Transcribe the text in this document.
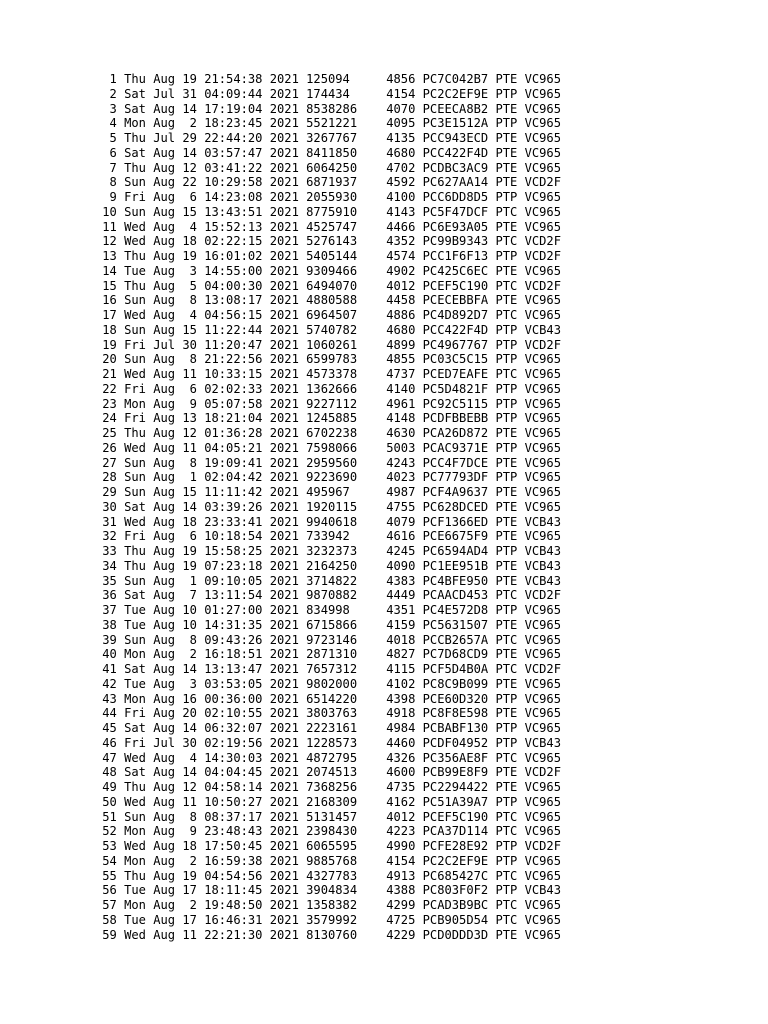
1 Thu Aug 19 21:54:38 2021 125094     4856 PC7C042B7 PTE VC965
2 Sat Jul 31 04:09:44 2021 174434     4154 PC2C2EF9E PTP VC965
3 Sat Aug 14 17:19:04 2021 8538286    4070 PCEECA8B2 PTE VC965
4 Mon Aug  2 18:23:45 2021 5521221    4095 PC3E1512A PTP VC965
5 Thu Jul 29 22:44:20 2021 3267767    4135 PCC943ECD PTE VC965
6 Sat Aug 14 03:57:47 2021 8411850    4680 PCC422F4D PTE VC965
7 Thu Aug 12 03:41:22 2021 6064250    4702 PCDBC3AC9 PTE VC965
8 Sun Aug 22 10:29:58 2021 6871937    4592 PC627AA14 PTE VCD2F
9 Fri Aug  6 14:23:08 2021 2055930    4100 PCC6DD8D5 PTP VC965
10 Sun Aug 15 13:43:51 2021 8775910    4143 PC5F47DCF PTC VC965
11 Wed Aug  4 15:52:13 2021 4525747    4466 PC6E93A05 PTE VC965
12 Wed Aug 18 02:22:15 2021 5276143    4352 PC99B9343 PTC VCD2F
13 Thu Aug 19 16:01:02 2021 5405144    4574 PCC1F6F13 PTP VCD2F
14 Tue Aug  3 14:55:00 2021 9309466    4902 PC425C6EC PTE VC965
15 Thu Aug  5 04:00:30 2021 6494070    4012 PCEF5C190 PTC VCD2F
16 Sun Aug  8 13:08:17 2021 4880588    4458 PCECEBBFA PTE VC965
17 Wed Aug  4 04:56:15 2021 6964507    4886 PC4D892D7 PTC VC965
18 Sun Aug 15 11:22:44 2021 5740782    4680 PCC422F4D PTP VCB43
19 Fri Jul 30 11:20:47 2021 1060261    4899 PC4967767 PTP VCD2F
20 Sun Aug  8 21:22:56 2021 6599783    4855 PC03C5C15 PTP VC965
21 Wed Aug 11 10:33:15 2021 4573378    4737 PCED7EAFE PTC VC965
22 Fri Aug  6 02:02:33 2021 1362666    4140 PC5D4821F PTP VC965
23 Mon Aug  9 05:07:58 2021 9227112    4961 PC92C5115 PTP VC965
24 Fri Aug 13 18:21:04 2021 1245885    4148 PCDFBBEBB PTP VC965
25 Thu Aug 12 01:36:28 2021 6702238    4630 PCA26D872 PTE VC965
26 Wed Aug 11 04:05:21 2021 7598066    5003 PCAC9371E PTP VC965
27 Sun Aug  8 19:09:41 2021 2959560    4243 PCC4F7DCE PTE VC965
28 Sun Aug  1 02:04:42 2021 9223690    4023 PC77793DF PTP VC965
29 Sun Aug 15 11:11:42 2021 495967     4987 PCF4A9637 PTE VC965
30 Sat Aug 14 03:39:26 2021 1920115    4755 PC628DCED PTE VC965
31 Wed Aug 18 23:33:41 2021 9940618    4079 PCF1366ED PTE VCB43
32 Fri Aug  6 10:18:54 2021 733942     4616 PCE6675F9 PTE VC965
33 Thu Aug 19 15:58:25 2021 3232373    4245 PC6594AD4 PTP VCB43
34 Thu Aug 19 07:23:18 2021 2164250    4090 PC1EE951B PTE VCB43
35 Sun Aug  1 09:10:05 2021 3714822    4383 PC4BFE950 PTE VCB43
36 Sat Aug  7 13:11:54 2021 9870882    4449 PCAACD453 PTC VCD2F
37 Tue Aug 10 01:27:00 2021 834998     4351 PC4E572D8 PTP VC965
38 Tue Aug 10 14:31:35 2021 6715866    4159 PC5631507 PTE VC965
39 Sun Aug  8 09:43:26 2021 9723146    4018 PCCB2657A PTC VC965
40 Mon Aug  2 16:18:51 2021 2871310    4827 PC7D68CD9 PTE VC965
41 Sat Aug 14 13:13:47 2021 7657312    4115 PCF5D4B0A PTC VCD2F
42 Tue Aug  3 03:53:05 2021 9802000    4102 PC8C9B099 PTE VC965
43 Mon Aug 16 00:36:00 2021 6514220    4398 PCE60D320 PTP VC965
44 Fri Aug 20 02:10:55 2021 3803763    4918 PC8F8E598 PTE VC965
45 Sat Aug 14 06:32:07 2021 2223161    4984 PCBABF130 PTP VC965
46 Fri Jul 30 02:19:56 2021 1228573    4460 PCDF04952 PTP VCB43
47 Wed Aug  4 14:30:03 2021 4872795    4326 PC356AE8F PTC VC965
48 Sat Aug 14 04:04:45 2021 2074513    4600 PCB99E8F9 PTE VCD2F
49 Thu Aug 12 04:58:14 2021 7368256    4735 PC2294422 PTE VC965
50 Wed Aug 11 10:50:27 2021 2168309    4162 PC51A39A7 PTP VC965
51 Sun Aug  8 08:37:17 2021 5131457    4012 PCEF5C190 PTC VC965
52 Mon Aug  9 23:48:43 2021 2398430    4223 PCA37D114 PTC VC965
53 Wed Aug 18 17:50:45 2021 6065595    4990 PCFE28E92 PTP VCD2F
54 Mon Aug  2 16:59:38 2021 9885768    4154 PC2C2EF9E PTP VC965
55 Thu Aug 19 04:54:56 2021 4327783    4913 PC685427C PTC VC965
56 Tue Aug 17 18:11:45 2021 3904834    4388 PC803F0F2 PTP VCB43
57 Mon Aug  2 19:48:50 2021 1358382    4299 PCAD3B9BC PTC VC965
58 Tue Aug 17 16:46:31 2021 3579992    4725 PCB905D54 PTC VC965
59 Wed Aug 11 22:21:30 2021 8130760    4229 PCD0DDD3D PTE VC965
